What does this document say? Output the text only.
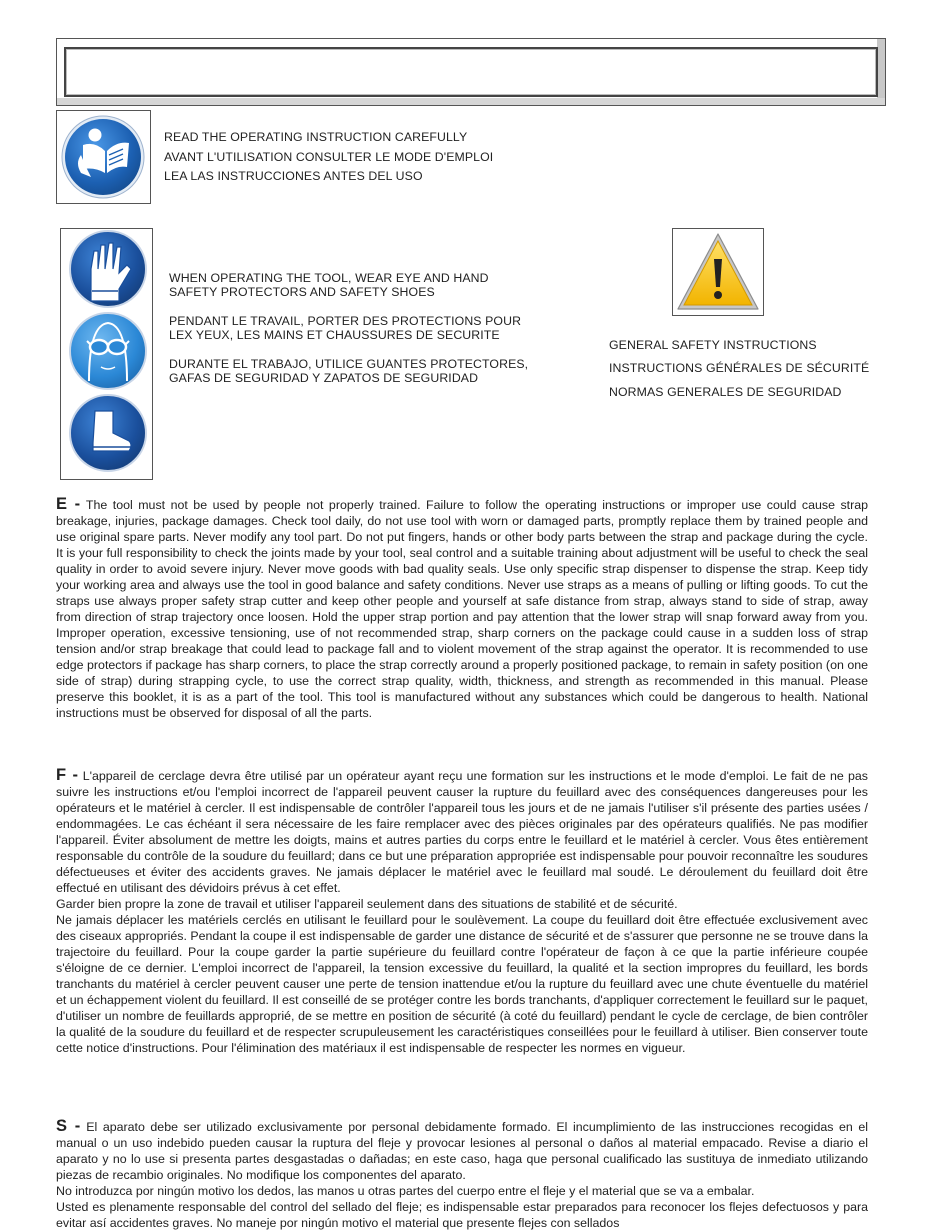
READ THE OPERATING INSTRUCTION CAREFULLY
AVANT L'UTILISATION CONSULTER LE MODE D'EMPLOI
LEA LAS INSTRUCCIONES ANTES DEL USO
WHEN OPERATING THE TOOL, WEAR EYE AND HAND
SAFETY PROTECTORS AND SAFETY SHOES
PENDANT LE TRAVAIL, PORTER DES PROTECTIONS POUR
LEX YEUX, LES MAINS ET CHAUSSURES DE SECURITE
DURANTE EL TRABAJO, UTILICE GUANTES PROTECTORES,
GAFAS DE SEGURIDAD Y ZAPATOS DE SEGURIDAD
GENERAL SAFETY INSTRUCTIONS
INSTRUCTIONS GÉNÉRALES DE SÉCURITÉ
NORMAS GENERALES DE SEGURIDAD

E - The tool must not be used by people not properly trained. Failure to follow the operating instructions or improper use could cause strap breakage, injuries, package damages. Check tool daily, do not use tool with worn or damaged parts, promptly replace them by trained people and use original spare parts. Never modify any tool part. Do not put fingers, hands or other body parts between the strap and package during the cycle. It is your full responsibility to check the joints made by your tool, seal control and a suitable training about adjustment will be useful to check the seal quality in order to avoid severe injury. Never move goods with bad quality seals. Use only specific strap dispenser to dispense the strap. Keep tidy your working area and always use the tool in good balance and safety conditions. Never use straps as a means of pulling or lifting goods. To cut the straps use always proper safety strap cutter and keep other people and yourself at safe distance from strap, always stand to side of strap, away from direction of strap trajectory once loosen. Hold the upper strap portion and pay attention that the lower strap will snap forward away from you. Improper operation, excessive tensioning, use of not recommended strap, sharp corners on the package could cause in a sudden loss of strap tension and/or strap breakage that could lead to package fall and to violent movement of the strap against the operator. It is recommended to use edge protectors if package has sharp corners, to place the strap correctly around a properly positioned package, to remain in safety position (on one side of strap) during strapping cycle, to use the correct strap quality, width, thickness, and strength as recommended in this manual. Please preserve this booklet, it is as a part of the tool. This tool is manufactured without any substances which could be dangerous to health. National instructions must be observed for disposal of all the parts.

F - L'appareil de cerclage devra être utilisé par un opérateur ayant reçu une formation sur les instructions et le mode d'emploi. Le fait de ne pas suivre les instructions et/ou l'emploi incorrect de l'appareil peuvent causer la rupture du feuillard avec des conséquences dangereuses pour les opérateurs et le matériel à cercler. Il est indispensable de contrôler l'appareil tous les jours et de ne jamais l'utiliser s'il présente des parties usées / endommagées. Le cas échéant il sera nécessaire de les faire remplacer avec des pièces originales par des opérateurs qualifiés. Ne pas modifier l'appareil. Éviter absolument de mettre les doigts, mains et autres parties du corps entre le feuillard et le matériel à cercler. Vous êtes entièrement responsable du contrôle de la soudure du feuillard; dans ce but une préparation appropriée est indispensable pour pouvoir reconnaître les soudures défectueuses et éviter des accidents graves. Ne jamais déplacer le matériel avec le feuillard mal soudé. Le déroulement du feuillard doit être effectué en utilisant des dévidoirs prévus à cet effet.
Garder bien propre la zone de travail et utiliser l'appareil seulement dans des situations de stabilité et de sécurité.
Ne jamais déplacer les matériels cerclés en utilisant le feuillard pour le soulèvement. La coupe du feuillard doit être effectuée exclusivement avec des ciseaux appropriés. Pendant la coupe il est indispensable de garder une distance de sécurité et de s'assurer que personne ne se trouve dans la trajectoire du feuillard. Pour la coupe garder la partie supérieure du feuillard contre l'opérateur de façon à ce que la partie inférieure coupée s'éloigne de ce dernier. L'emploi incorrect de l'appareil, la tension excessive du feuillard, la qualité et la section impropres du feuillard, les bords tranchants du matériel à cercler peuvent causer une perte de tension inattendue et/ou la rupture du feuillard avec une chute éventuelle du matériel et un échappement violent du feuillard. Il est conseillé de se protéger contre les bords tranchants, d'appliquer correctement le feuillard sur le paquet, d'utiliser un nombre de feuillards approprié, de se mettre en position de sécurité (à coté du feuillard) pendant le cycle de cerclage, de bien contrôler la qualité de la soudure du feuillard et de respecter scrupuleusement les caractéristiques conseillées pour le feuillard à utiliser. Bien conserver toute cette notice d'instructions. Pour l'élimination des matériaux il est indispensable de respecter les normes en vigueur.

S - El aparato debe ser utilizado exclusivamente por personal debidamente formado. El incumplimiento de las instrucciones recogidas en el manual o un uso indebido pueden causar la ruptura del fleje y provocar lesiones al personal o daños al material empacado. Revise a diario el aparato y no lo use si presenta partes desgastadas o dañadas; en este caso, haga que personal cualificado las sustituya de inmediato utilizando piezas de recambio originales. No modifique los componentes del aparato.
No introduzca por ningún motivo los dedos, las manos u otras partes del cuerpo entre el fleje y el material que se va a embalar.
Usted es plenamente responsable del control del sellado del fleje; es indispensable estar preparados para reconocer los flejes defectuosos y para evitar así accidentes graves. No maneje por ningún motivo el material que presente flejes con sellados
